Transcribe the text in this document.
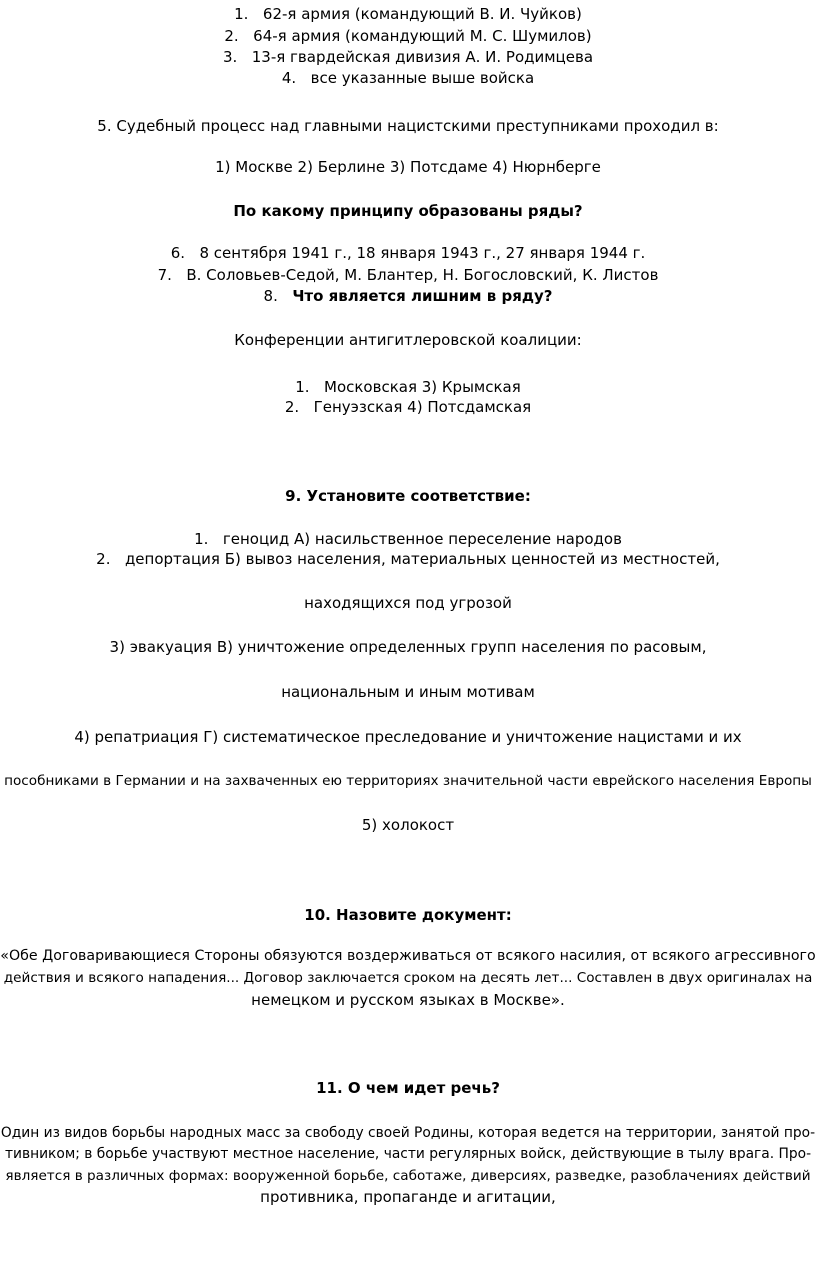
1. 62-я армия (командующий В. И. Чуйков)
2. 64-я армия (командующий М. С. Шумилов)
3. 13-я гвардейская дивизия А. И. Родимцева
4. все указанные выше войска
5. Судебный процесс над главными нацистскими преступниками проходил в:
1) Москве 2) Берлине 3) Потсдаме 4) Нюрнберге
По какому принципу образованы ряды?
6. 8 сентября 1941 г., 18 января 1943 г., 27 января 1944 г.
7. В. Соловьев-Седой, М. Блантер, Н. Богословский, К. Листов
8. Что является лишним в ряду?
Конференции антигитлеровской коалиции:
1. Московская 3) Крымская
2. Генуэзская 4) Потсдамская
9. Установите соответствие:
1. геноцид А) насильственное переселение народов
2. депортация Б) вывоз населения, материальных ценностей из местностей,
находящихся под угрозой
3) эвакуация В) уничтожение определенных групп населения по расовым,
национальным и иным мотивам
4) репатриация Г) систематическое преследование и уничтожение нацистами и их
пособниками в Германии и на захваченных ею территориях значительной части еврейского населения Европы
5) холокост
10. Назовите документ:
«Обе Договаривающиеся Стороны обязуются воздерживаться от всякого насилия, от всякого агрессивного
действия и всякого нападения... Договор заключается сроком на десять лет... Составлен в двух оригиналах на
немецком и русском языках в Москве».
11. О чем идет речь?
Один из видов борьбы народных масс за свободу своей Родины, которая ведется на территории, занятой про-
тивником; в борьбе участвуют местное население, части регулярных войск, действующие в тылу врага. Про-
является в различных формах: вооруженной борьбе, саботаже, диверсиях, разведке, разоблачениях действий
противника, пропаганде и агитации,
